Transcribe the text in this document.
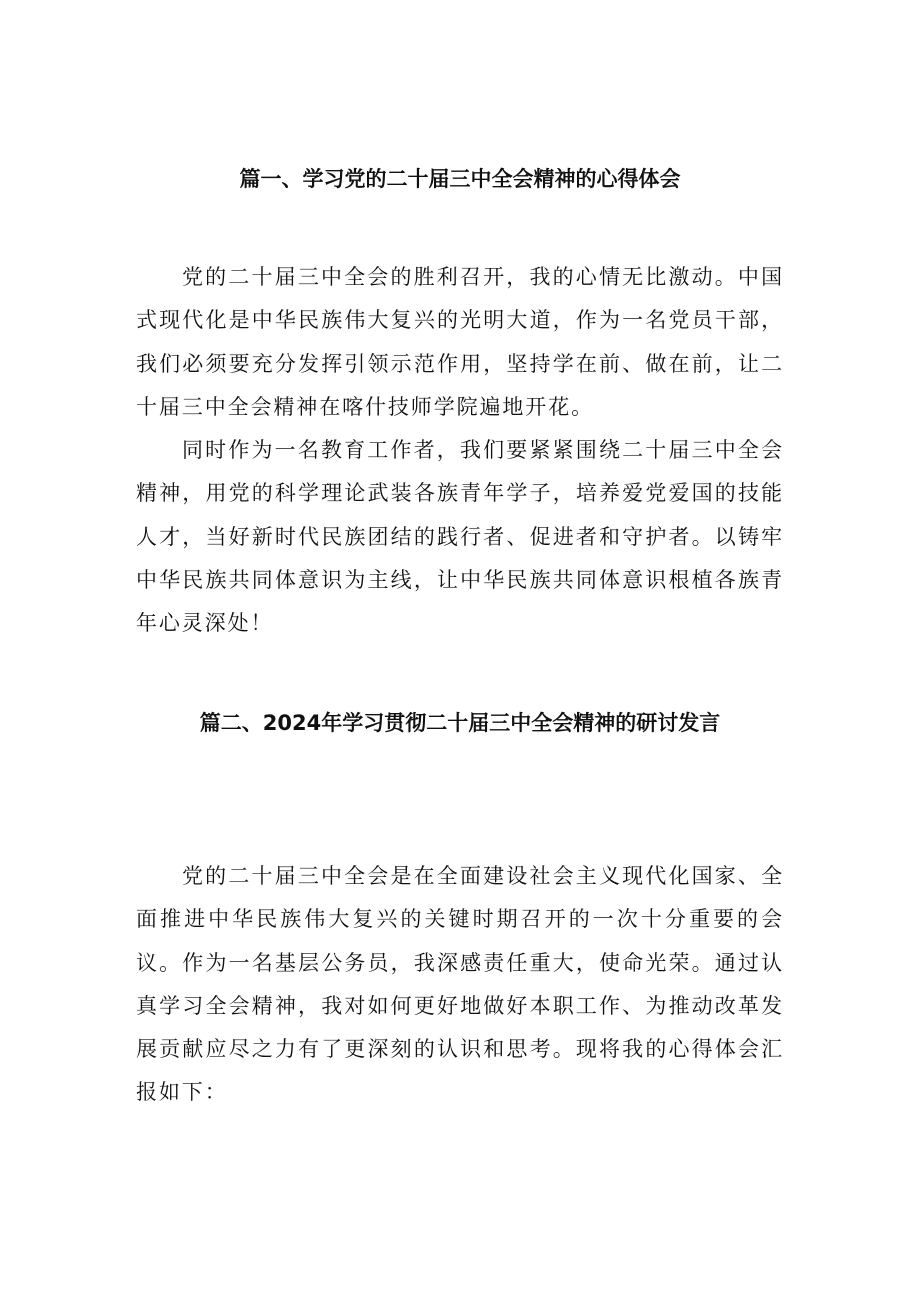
篇一、学习党的二十届三中全会精神的心得体会

党的二十届三中全会的胜利召开，我的心情无比激动。中国式现代化是中华民族伟大复兴的光明大道，作为一名党员干部，我们必须要充分发挥引领示范作用，坚持学在前、做在前，让二十届三中全会精神在喀什技师学院遍地开花。

同时作为一名教育工作者，我们要紧紧围绕二十届三中全会精神，用党的科学理论武装各族青年学子，培养爱党爱国的技能人才，当好新时代民族团结的践行者、促进者和守护者。以铸牢中华民族共同体意识为主线，让中华民族共同体意识根植各族青年心灵深处！

篇二、2024年学习贯彻二十届三中全会精神的研讨发言

党的二十届三中全会是在全面建设社会主义现代化国家、全面推进中华民族伟大复兴的关键时期召开的一次十分重要的会议。作为一名基层公务员，我深感责任重大，使命光荣。通过认真学习全会精神，我对如何更好地做好本职工作、为推动改革发展贡献应尽之力有了更深刻的认识和思考。现将我的心得体会汇报如下：
